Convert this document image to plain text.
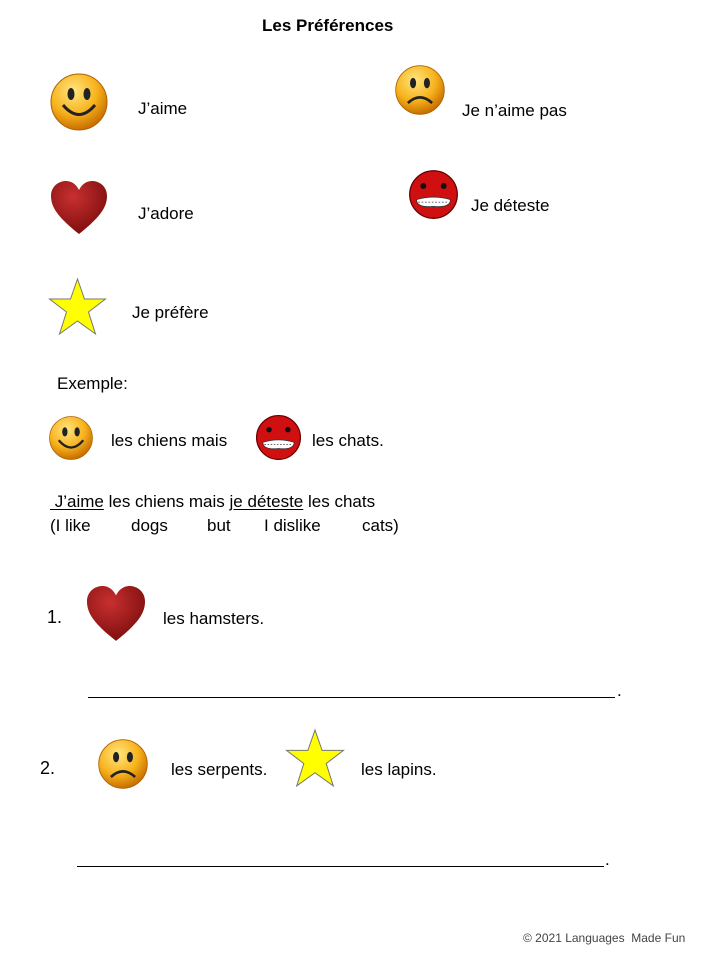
Les Préférences
J’aime	Je n’aime pas
J’adore	Je déteste
Je préfère
Exemple:
les chiens mais	les chats.
J’aime les chiens mais je déteste les chats
(I like dogs but I dislike cats)
1.	les hamsters.
.
2.	les serpents.	les lapins.
.
© 2021 Languages  Made Fun
